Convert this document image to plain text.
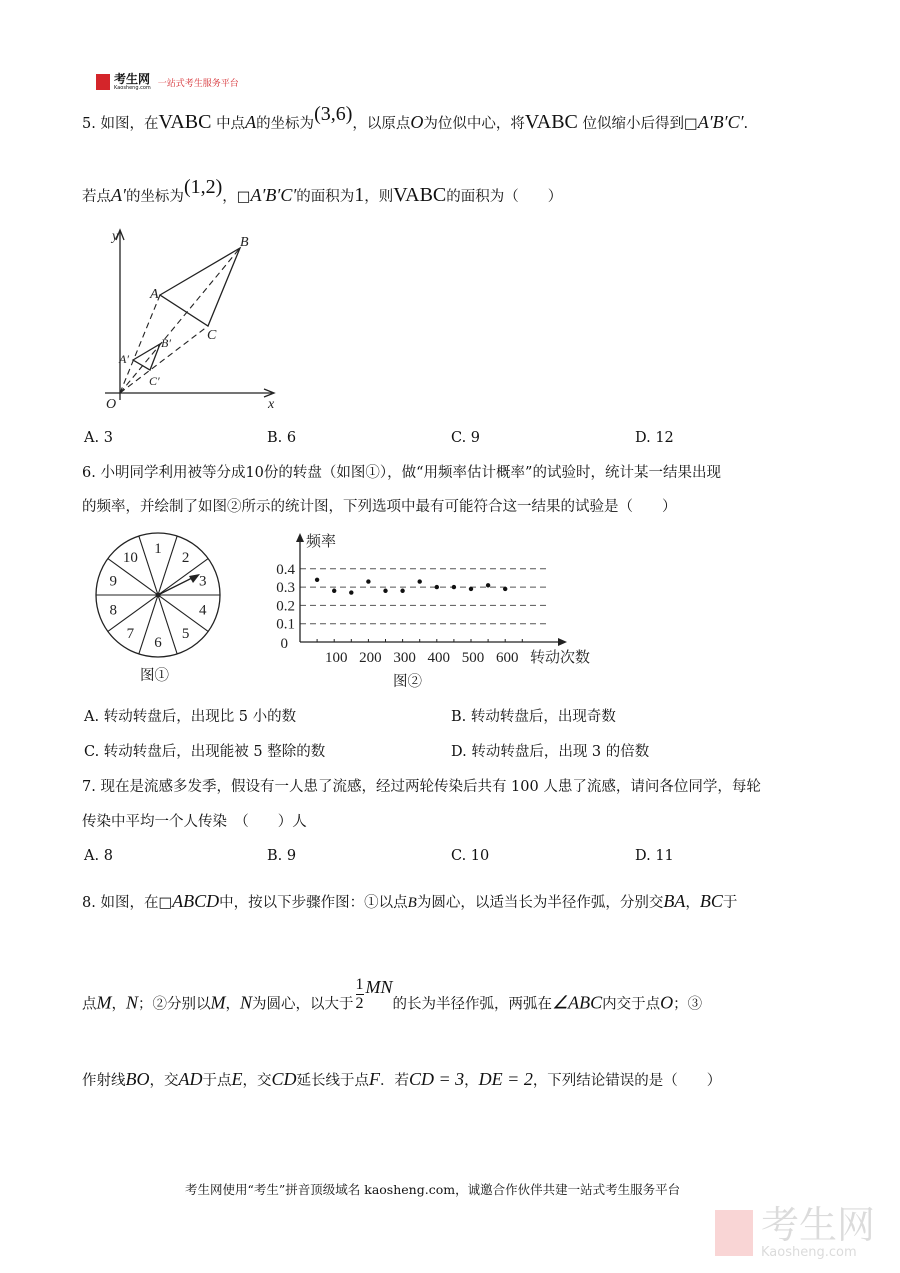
考生网
Kaosheng.com 一站式考生服务平台
5. 如图，在VABC 中点A的坐标为(3,6)，以原点O为位似中心，将VABC 位似缩小后得到□A′B′C′.
若点A′的坐标为(1,2)，□A′B′C′的面积为1，则VABC的面积为（　　）
y
x
O
A
B
C
A′
B′
C′
A. 3	B. 6	C. 9	D. 12
6. 小明同学利用被等分成10份的转盘（如图①），做“用频率估计概率”的试验时，统计某一结果出现
的频率，并绘制了如图②所示的统计图，下列选项中最有可能符合这一结果的试验是（　　）
1
2
3
4
5
6
7
8
9
10
图①
0
0.1
0.2
0.3
0.4
100 200 300 400 500 600
频率
转动次数
图②
A. 转动转盘后，出现比 5 小的数	B. 转动转盘后，出现奇数
C. 转动转盘后，出现能被 5 整除的数	D. 转动转盘后，出现 3 的倍数
7. 现在是流感多发季，假设有一人患了流感，经过两轮传染后共有 100 人患了流感，请问各位同学，每轮
传染中平均一个人传染　（　　）人
A. 8	B. 9	C. 10	D. 11
8. 如图，在□ABCD中，按以下步骤作图：①以点B为圆心，以适当长为半径作弧，分别交BA，BC于
点M，N；②分别以M，N为圆心，以大于 $\frac{1}{2}$ MN的长为半径作弧，两弧在∠ABC内交于点O；③
作射线BO，交AD于点E，交CD延长线于点F．若CD = 3，DE = 2，下列结论错误的是（　　）
考生网使用“考生”拼音顶级域名 kaosheng.com，诚邀合作伙伴共建一站式考生服务平台
考生网
Kaosheng.com
